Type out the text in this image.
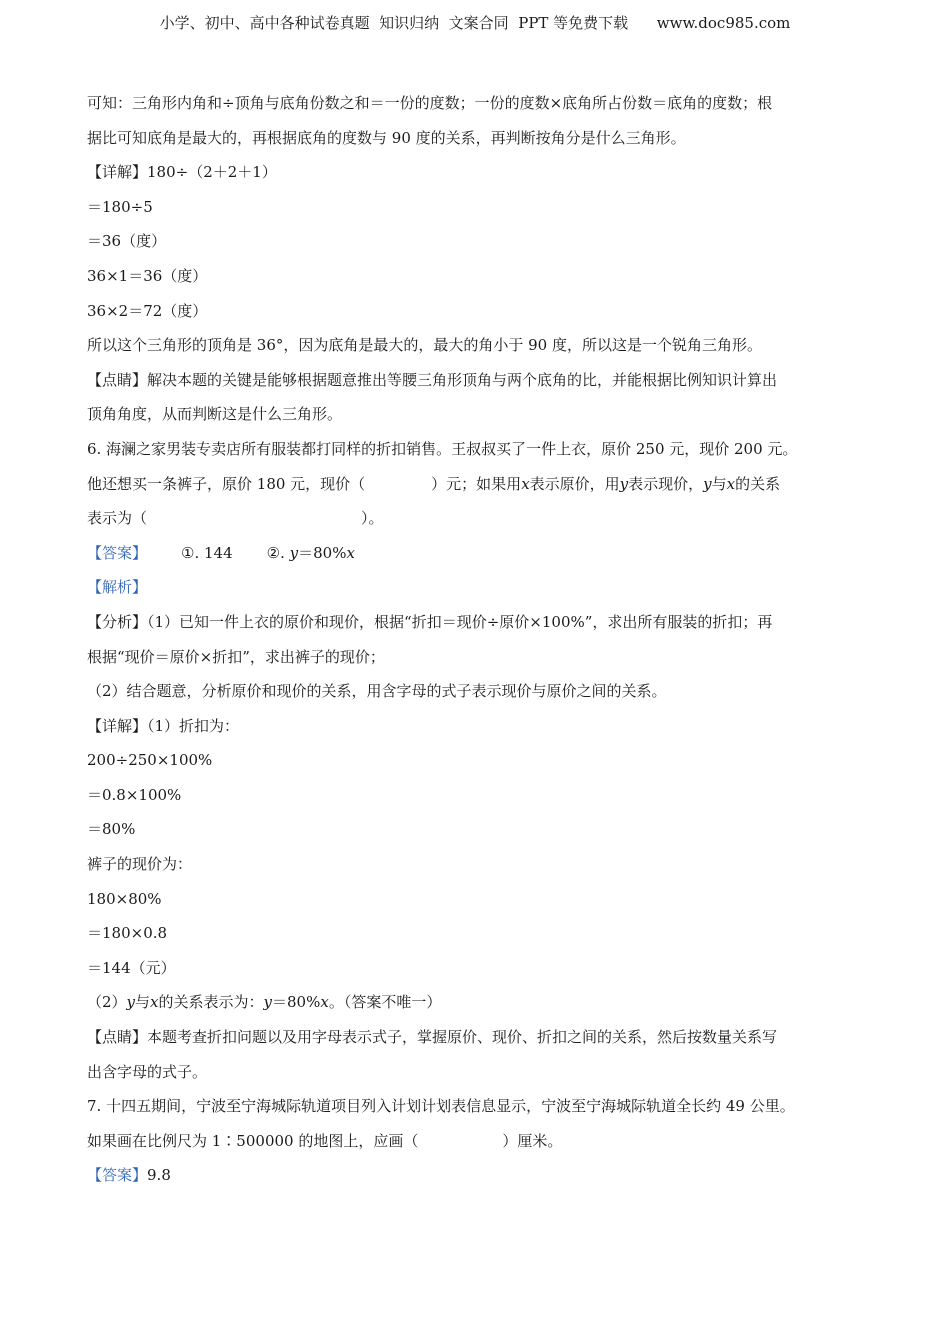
小学、初中、高中各种试卷真题  知识归纳  文案合同  PPT 等免费下载      www.doc985.com
可知：三角形内角和÷顶角与底角份数之和＝一份的度数；一份的度数×底角所占份数＝底角的度数；根
据比可知底角是最大的，再根据底角的度数与 90 度的关系，再判断按角分是什么三角形。
【详解】180÷（2＋2＋1）
＝180÷5
＝36（度）
36×1＝36（度）
36×2＝72（度）
所以这个三角形的顶角是 36°，因为底角是最大的，最大的角小于 90 度，所以这是一个锐角三角形。
【点睛】解决本题的关键是能够根据题意推出等腰三角形顶角与两个底角的比，并能根据比例知识计算出
顶角角度，从而判断这是什么三角形。
6. 海澜之家男装专卖店所有服装都打同样的折扣销售。王叔叔买了一件上衣，原价 250 元，现价 200 元。
他还想买一条裤子，原价 180 元，现价（	）元；如果用x表示原价，用y表示现价，y与x的关系
表示为（	）。
【答案】 ①. 144 ②. y＝80%x
【解析】
【分析】（1）已知一件上衣的原价和现价，根据“折扣＝现价÷原价×100%”，求出所有服装的折扣；再
根据“现价＝原价×折扣”，求出裤子的现价；
（2）结合题意，分析原价和现价的关系，用含字母的式子表示现价与原价之间的关系。
【详解】（1）折扣为：
200÷250×100%
＝0.8×100%
＝80%
裤子的现价为：
180×80%
＝180×0.8
＝144（元）
（2）y与x的关系表示为：y＝80%x。（答案不唯一）
【点睛】本题考查折扣问题以及用字母表示式子，掌握原价、现价、折扣之间的关系，然后按数量关系写
出含字母的式子。
7. 十四五期间，宁波至宁海城际轨道项目列入计划计划表信息显示，宁波至宁海城际轨道全长约 49 公里。
如果画在比例尺为 1∶500000 的地图上，应画（	）厘米。
【答案】9.8
